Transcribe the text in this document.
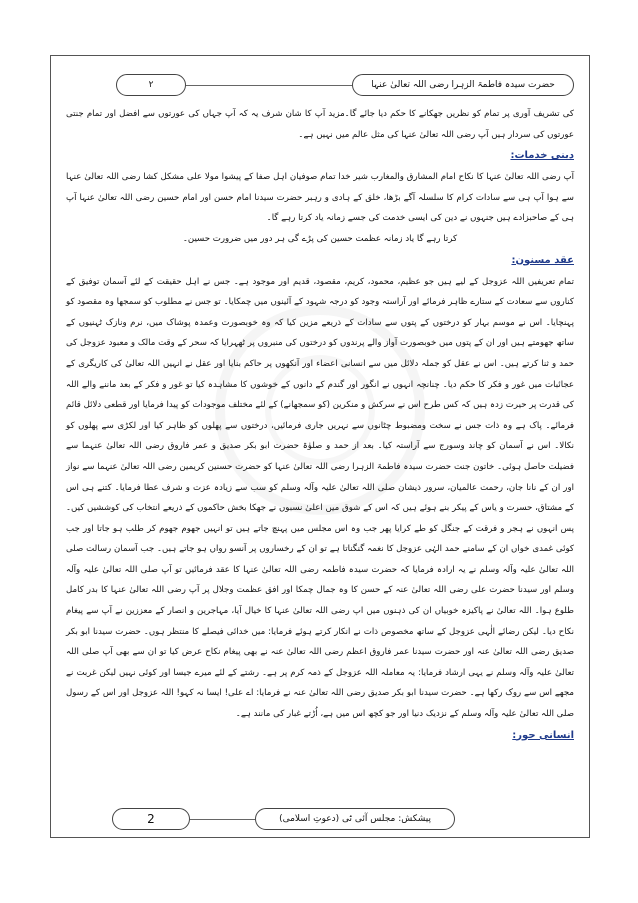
حضرت سیدہ فاطمۃ الزہرا رضی اللہ تعالیٰ عنہا
۲

کی تشریف آوری پر تمام کو نظریں جھکانے کا حکم دیا جائے گا۔مزید آپ کا شان شرف یہ کہ آپ جہاں کی عورتوں سے افضل اور تمام جنتی عورتوں کی سردار ہیں آپ رضی اللہ تعالیٰ عنہا کی مثل عالم میں نہیں ہے۔

دینی خدمات:

آپ رضی اللہ تعالیٰ عنہا کا نکاح امام المشارق والمغارب شیر خدا تمام صوفیان اہل صفا کے پیشوا مولا علی مشکل کشا رضی اللہ تعالیٰ عنہا سے ہوا آپ ہی سے سادات کرام کا سلسلہ آگے بڑھا، خلق کے ہادی و رہبر حضرت سیدنا امام حسن اور امام حسین رضی اللہ تعالیٰ عنہا آپ ہی کے صاحبزادے ہیں جنہوں نے دین کی ایسی خدمت کی جسے زمانہ یاد کرتا رہے گا۔

کرتا رہے گا یاد زمانہ عظمت حسین کی پڑے گی ہر دور میں ضرورت حسین۔

عقد مسنون:

تمام تعریفیں اللہ عزوجل کے لیے ہیں جو عظیم، محمود، کریم، مقصود، قدیم اور موجود ہے۔ جس نے اہل حقیقت کے لئے آسمان توفیق کے کناروں سے سعادت کے ستارے ظاہر فرمائے اور آراستہ وجود کو درجہ شہود کے آئینوں میں چمکایا۔ تو جس نے مطلوب کو سمجھا وہ مقصود کو پہنچایا۔ اس نے موسم بہار کو درختوں کے پتوں سے سادات کے ذریعے مزین کیا کہ وہ خوبصورت وعمدہ پوشاک میں، نرم ونازک ٹہنیوں کے ساتھ جھومتے ہیں اور ان کے پتوں میں خوبصورت آواز والے پرندوں کو درختوں کی منبروں پر ٹھہرایا کہ سحر کے وقت مالک و معبود عزوجل کی حمد و ثنا کرتے ہیں۔ اس نے عقل کو جملہ دلائل میں سے انسانی اعضاء اور آنکھوں پر حاکم بنایا اور عقل نے انہیں اللہ تعالیٰ کی کاریگری کے عجائبات میں غور و فکر کا حکم دیا۔ چنانچہ انہوں نے انگور اور گندم کے دانوں کے خوشوں کا مشاہدہ کیا تو غور و فکر کے بعد ماننے والے اللہ کی قدرت پر حیرت زدہ ہیں کہ کس طرح اس نے سرکش و منکرین (کو سمجھانے) کے لئے مختلف موجودات کو پیدا فرمایا اور قطعی دلائل قائم فرمائے۔ پاک ہے وہ ذات جس نے سخت ومضبوط چٹانوں سے نہریں جاری فرمائیں، درختوں سے پھلوں کو ظاہر کیا اور لکڑی سے پھلوں کو نکالا۔ اس نے آسمان کو چاند وسورج سے آراستہ کیا۔ بعد از حمد و صلوٰۃ حضرت ابو بکر صدیق و عمر فاروق رضی اللہ تعالیٰ عنہما سے فضیلت حاصل ہوئی۔ خاتون جنت حضرت سیدہ فاطمۃ الزہرا رضی اللہ تعالیٰ عنہا کو حضرت حسنین کریمین رضی اللہ تعالیٰ عنہما سے نواز اور ان کے نانا جان، رحمت عالمیان، سرور ذیشان صلی اللہ تعالیٰ علیہ وآلہ وسلم کو سب سے زیادہ عزت و شرف عطا فرمایا۔ کتنے ہی اس کے مشتاق، حسرت و یاس کے پیکر بنے ہوئے ہیں کہ اس کے شوق میں اعلیٰ نسبوں نے جھکا بخش حاکموں کے ذریعے انتخاب کی کوششیں کیں۔ پس انہوں نے ہجر و فرقت کے جنگل کو طے کرایا پھر جب وہ اس مجلس میں پہنچ جاتے ہیں تو انہیں جھوم جھوم کر طلب ہو جاتا اور جب کوئی غمدی خواں ان کے سامنے حمد الہٰی عزوجل کا نغمہ گنگناتا ہے تو ان کے رخساروں پر آنسو رواں ہو جاتے ہیں۔ جب آسمان رسالت صلی اللہ تعالیٰ علیہ وآلہ وسلم نے یہ ارادہ فرمایا کہ حضرت سیدہ فاطمہ رضی اللہ تعالیٰ عنہا کا عقد فرمائیں تو آپ صلی اللہ تعالیٰ علیہ وآلہ وسلم اور سیدنا حضرت علی رضی اللہ تعالیٰ عنہ کے حسن کا وہ جمال چمکا اور افق عظمت وجلال پر آپ رضی اللہ تعالیٰ عنہا کا بدر کامل طلوع ہوا۔ اللہ تعالیٰ نے پاکیزہ خوبیاں ان کی ذہنوں میں اپ رضی اللہ تعالیٰ عنہا کا خیال آیا، مہاجرین و انصار کے معززین نے آپ سے پیغام نکاح دیا۔ لیکن رضائے الٰہی عزوجل کے ساتھ مخصوص ذات نے انکار کرتے ہوئے فرمایا: میں خدائی فیصلے کا منتظر ہوں۔ حضرت سیدنا ابو بکر صدیق رضی اللہ تعالیٰ عنہ اور حضرت سیدنا عمر فاروق اعظم رضی اللہ تعالیٰ عنہ نے بھی پیغام نکاح عرض کیا تو ان سے بھی آپ صلی اللہ تعالیٰ علیہ وآلہ وسلم نے یہی ارشاد فرمایا: یہ معاملہ اللہ عزوجل کے ذمہ کرم پر ہے۔ رشتے کے لئے میرے جیسا اور کوئی نہیں لیکن غربت نے مجھے اس سے روک رکھا ہے۔ حضرت سیدنا ابو بکر صدیق رضی اللہ تعالیٰ عنہ نے فرمایا: اے علی! ایسا نہ کہو! اللہ عزوجل اور اس کے رسول صلی اللہ تعالیٰ علیہ وآلہ وسلم کے نزدیک دنیا اور جو کچھ اس میں ہے، اُڑتے غبار کی مانند ہے۔

انسانی حور:

پیشکش: مجلس آئی ٹی (دعوتِ اسلامی)
2
